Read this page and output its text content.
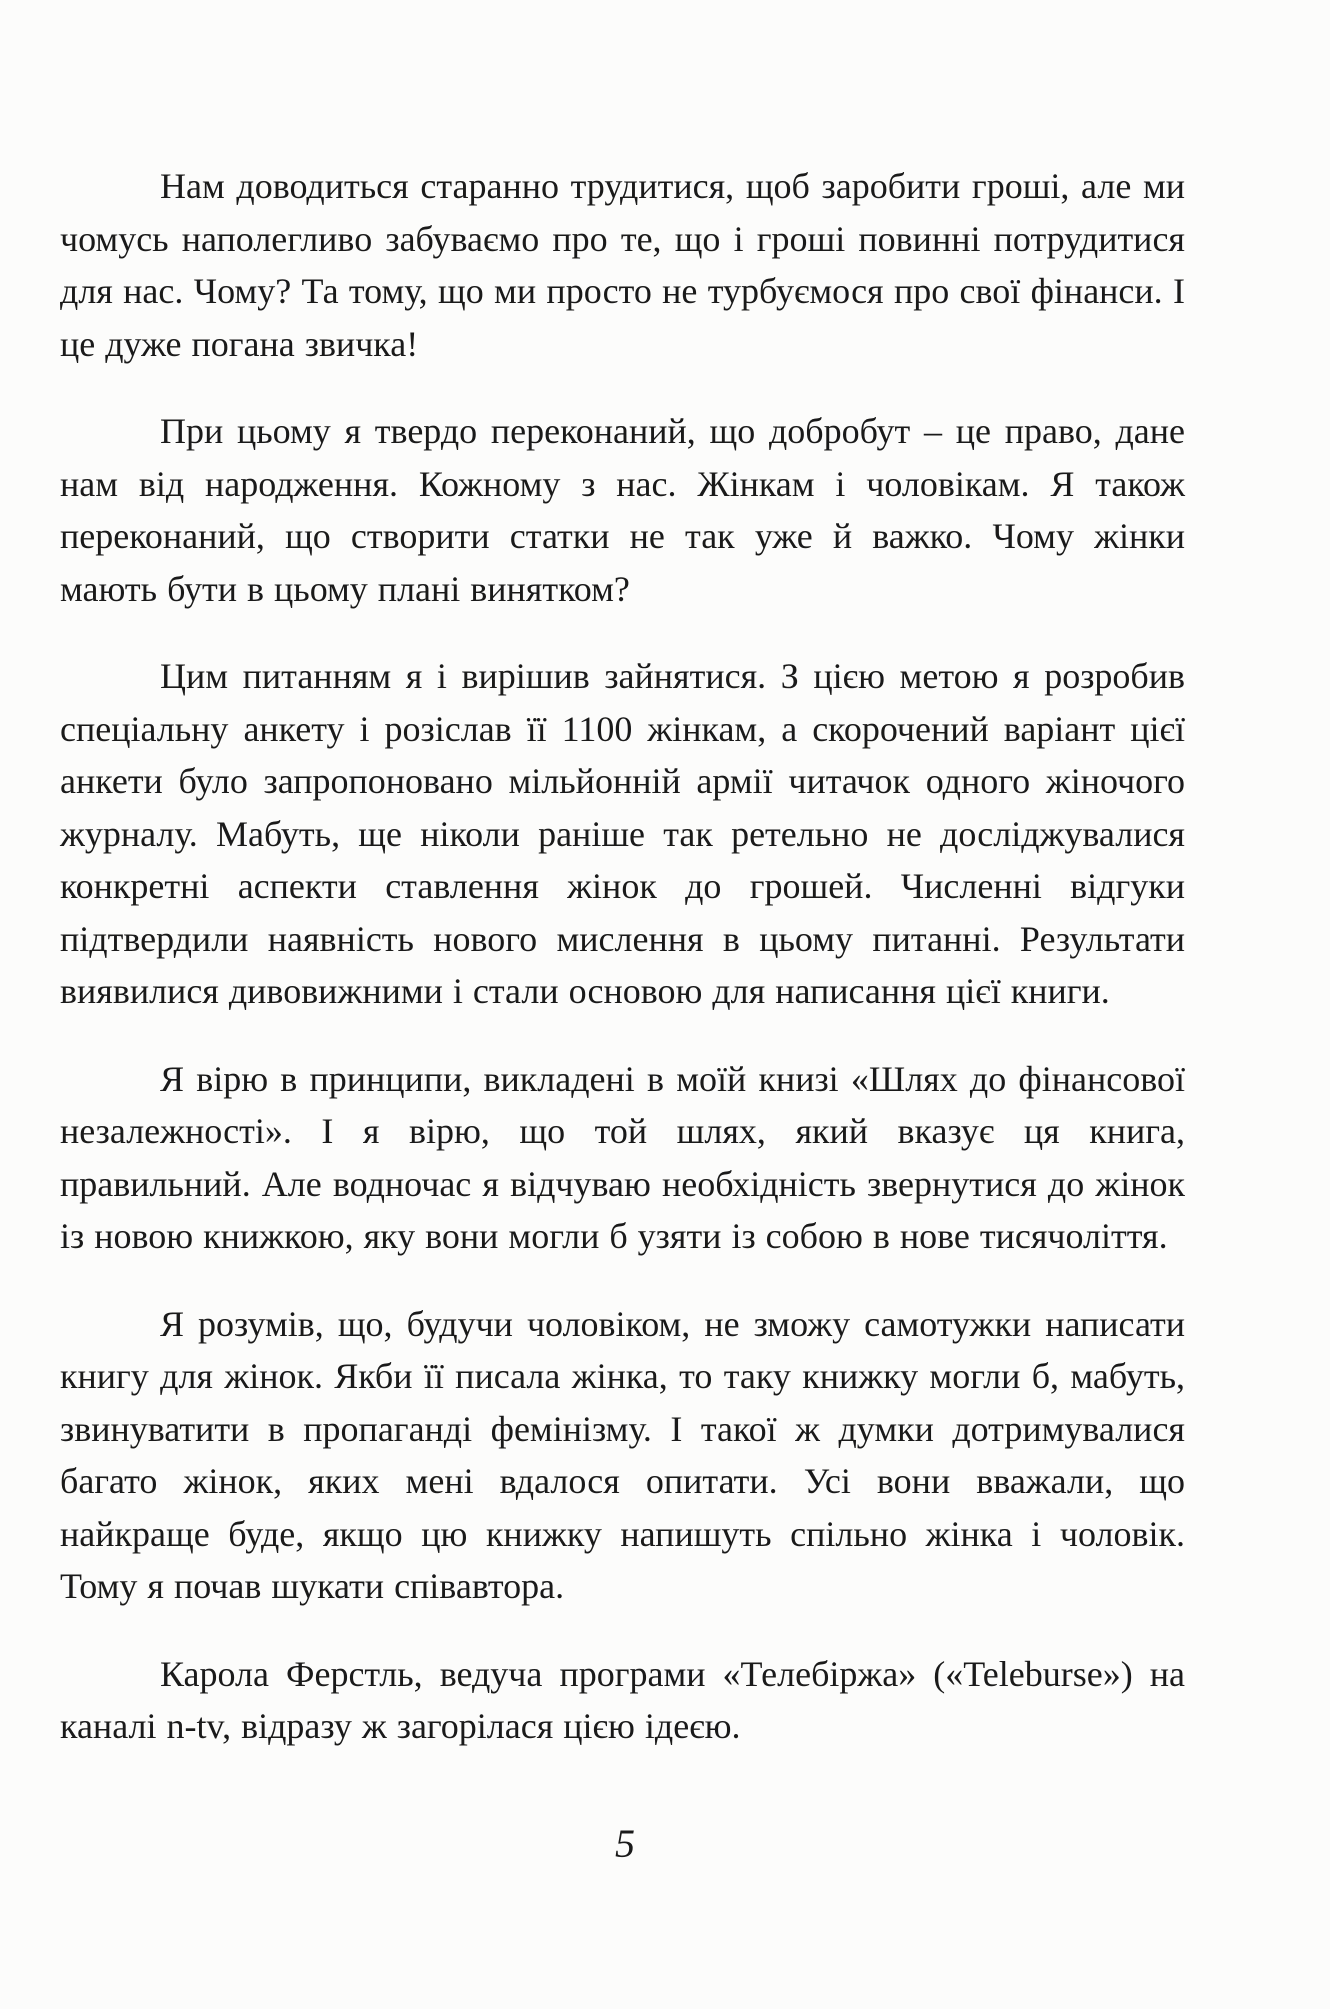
Нам доводиться старанно трудитися, щоб заробити гроші, але ми чомусь наполегливо забуваємо про те, що і гроші повинні потрудитися для нас. Чому? Та тому, що ми просто не турбуємося про свої фінанси. І це дуже погана звичка!

При цьому я твердо переконаний, що добробут – це право, дане нам від народження. Кожному з нас. Жінкам і чоловікам. Я також переконаний, що створити статки не так уже й важко. Чому жінки мають бути в цьому плані винятком?

Цим питанням я і вирішив зайнятися. З цією метою я розробив спеціальну анкету і розіслав її 1100 жінкам, а скорочений варіант цієї анкети було запропоновано мільйонній армії читачок одного жіночого журналу. Мабуть, ще ніколи раніше так ретельно не досліджувалися конкретні аспекти ставлення жінок до грошей. Численні відгуки підтвердили наявність нового мислення в цьому питанні. Результати виявилися дивовижними і стали основою для написання цієї книги.

Я вірю в принципи, викладені в моїй книзі «Шлях до фінансової незалежності». І я вірю, що той шлях, який вказує ця книга, правильний. Але водночас я відчуваю необхідність звернутися до жінок із новою книжкою, яку вони могли б узяти із собою в нове тисячоліття.

Я розумів, що, будучи чоловіком, не зможу самотужки написати книгу для жінок. Якби її писала жінка, то таку книжку могли б, мабуть, звинуватити в пропаганді фемінізму. І такої ж думки дотримувалися багато жінок, яких мені вдалося опитати. Усі вони вважали, що найкраще буде, якщо цю книжку напишуть спільно жінка і чоловік. Тому я почав шукати співавтора.

Карола Ферстль, ведуча програми «Телебіржа» («Teleburse») на каналі n-tv, відразу ж загорілася цією ідеєю.

5
